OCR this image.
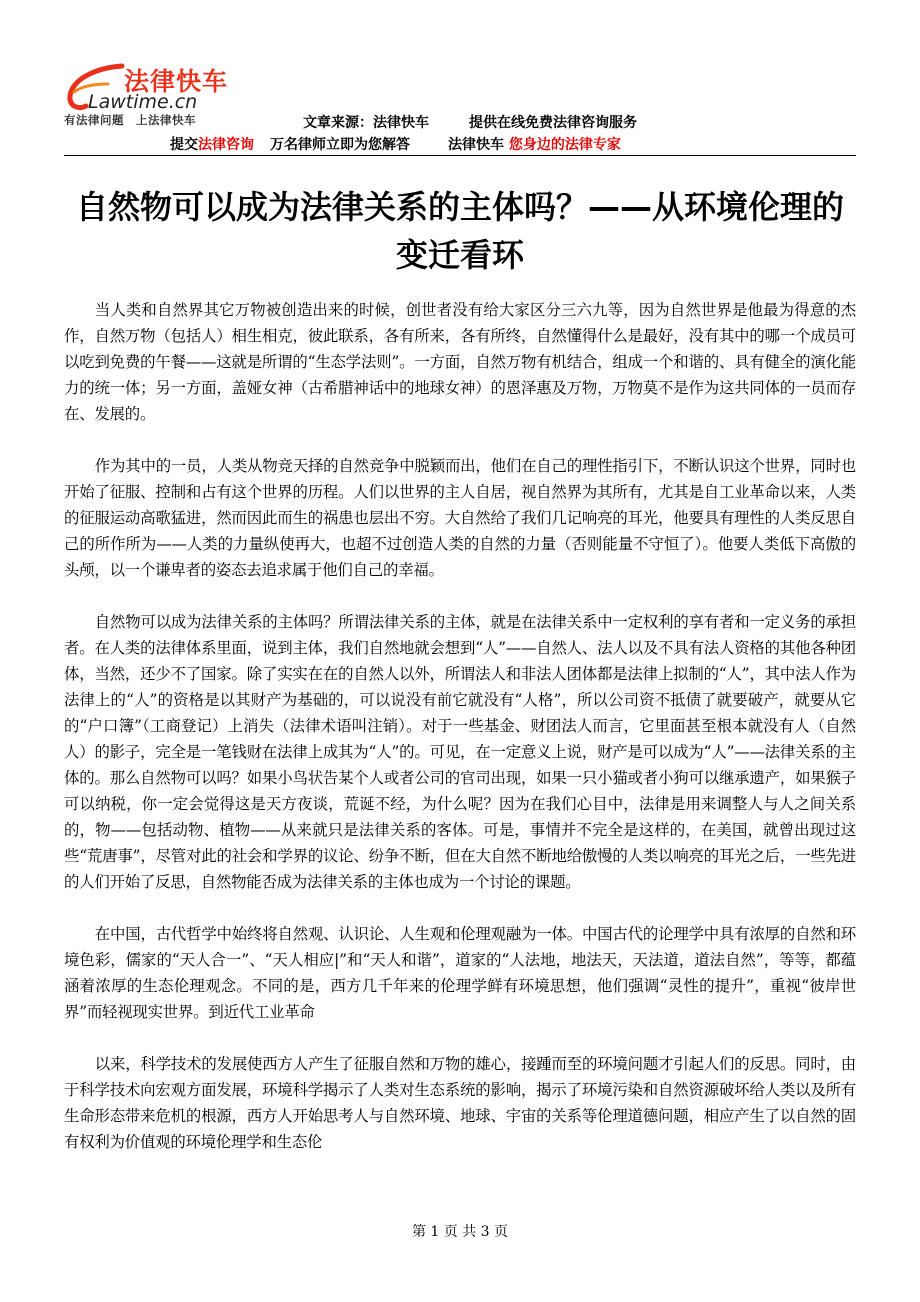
法律快车
Lawtime.cn
有法律问题　上法律快车	文章来源：法律快车	提供在线免费法律咨询服务
提交法律咨询 万名律师立即为您解答	法律快车 您身边的法律专家
自然物可以成为法律关系的主体吗？——从环境伦理的变迁看环

当人类和自然界其它万物被创造出来的时候，创世者没有给大家区分三六九等，因为自然世界是他最为得意的杰作，自然万物（包括人）相生相克，彼此联系，各有所来，各有所终，自然懂得什么是最好，没有其中的哪一个成员可以吃到免费的午餐——这就是所谓的“生态学法则”。一方面，自然万物有机结合，组成一个和谐的、具有健全的演化能力的统一体；另一方面，盖娅女神（古希腊神话中的地球女神）的恩泽惠及万物，万物莫不是作为这共同体的一员而存在、发展的。

作为其中的一员，人类从物竞天择的自然竞争中脱颖而出，他们在自己的理性指引下，不断认识这个世界，同时也开始了征服、控制和占有这个世界的历程。人们以世界的主人自居，视自然界为其所有，尤其是自工业革命以来，人类的征服运动高歌猛进，然而因此而生的祸患也层出不穷。大自然给了我们几记响亮的耳光，他要具有理性的人类反思自己的所作所为——人类的力量纵使再大，也超不过创造人类的自然的力量（否则能量不守恒了）。他要人类低下高傲的头颅，以一个谦卑者的姿态去追求属于他们自己的幸福。

自然物可以成为法律关系的主体吗？所谓法律关系的主体，就是在法律关系中一定权利的享有者和一定义务的承担者。在人类的法律体系里面，说到主体，我们自然地就会想到“人”——自然人、法人以及不具有法人资格的其他各种团体，当然，还少不了国家。除了实实在在的自然人以外，所谓法人和非法人团体都是法律上拟制的“人”，其中法人作为法律上的“人”的资格是以其财产为基础的，可以说没有前它就没有“人格”，所以公司资不抵债了就要破产，就要从它的“户口簿”（工商登记）上消失（法律术语叫注销）。对于一些基金、财团法人而言，它里面甚至根本就没有人（自然人）的影子，完全是一笔钱财在法律上成其为“人”的。可见，在一定意义上说，财产是可以成为“人”——法律关系的主体的。那么自然物可以吗？如果小鸟状告某个人或者公司的官司出现，如果一只小猫或者小狗可以继承遗产，如果猴子可以纳税，你一定会觉得这是天方夜谈，荒诞不经，为什么呢？因为在我们心目中，法律是用来调整人与人之间关系的，物——包括动物、植物——从来就只是法律关系的客体。可是，事情并不完全是这样的，在美国，就曾出现过这些“荒唐事”，尽管对此的社会和学界的议论、纷争不断，但在大自然不断地给傲慢的人类以响亮的耳光之后，一些先进的人们开始了反思，自然物能否成为法律关系的主体也成为一个讨论的课题。

在中国，古代哲学中始终将自然观、认识论、人生观和伦理观融为一体。中国古代的论理学中具有浓厚的自然和环境色彩，儒家的“天人合一”、“天人相应|”和“天人和谐”，道家的“人法地，地法天，天法道，道法自然”，等等，都蕴涵着浓厚的生态伦理观念。不同的是，西方几千年来的伦理学鲜有环境思想，他们强调“灵性的提升”，重视“彼岸世界”而轻视现实世界。到近代工业革命

以来，科学技术的发展使西方人产生了征服自然和万物的雄心，接踵而至的环境问题才引起人们的反思。同时，由于科学技术向宏观方面发展，环境科学揭示了人类对生态系统的影响，揭示了环境污染和自然资源破坏给人类以及所有生命形态带来危机的根源，西方人开始思考人与自然环境、地球、宇宙的关系等伦理道德问题，相应产生了以自然的固有权利为价值观的环境伦理学和生态伦

第 1 页 共 3 页
